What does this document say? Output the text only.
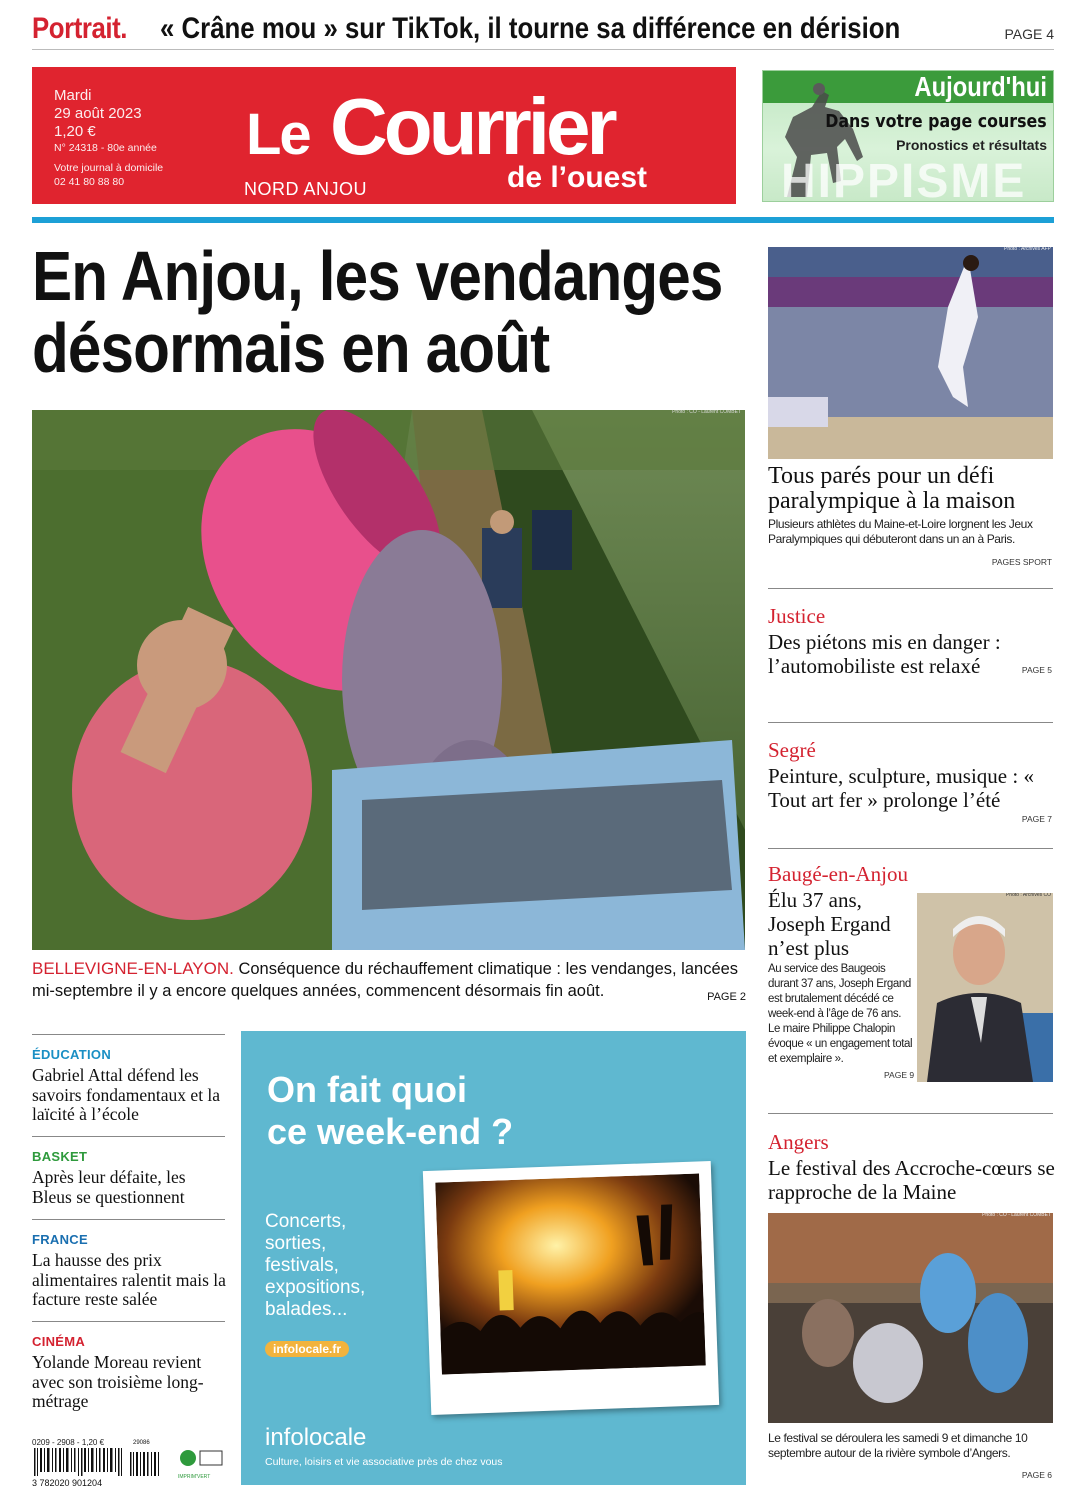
Portrait. « Crâne mou » sur TikTok, il tourne sa différence en dérision	PAGE 4
Mardi
29 août 2023
1,20 €

N° 24318 - 80e année
Votre journal à domicile
02 41 80 88 80
Le Courrier
de l’ouest
NORD ANJOU
Aujourd'hui
Dans votre page courses
Pronostics et résultats
HIPPISME
En Anjou, les vendanges
désormais en août
Photo : CO - Laurent COMBET
BELLEVIGNE-EN-LAYON. Conséquence du réchauffement climatique : les vendanges, lancées mi-septembre il y a encore quelques années, commencent désormais fin août.	PAGE 2
Photo : Archives AFP
Tous parés pour un défi paralympique à la maison
Plusieurs athlètes du Maine-et-Loire lorgnent les Jeux Paralympiques qui débuteront dans un an à Paris.
PAGES SPORT
Justice
Des piétons mis en danger : l’automobiliste est relaxé	PAGE 5
Segré
Peinture, sculpture, musique : « Tout art fer » prolonge l’été
PAGE 7
Baugé-en-Anjou
Élu 37 ans, Joseph Ergand n’est plus
Au service des Baugeois durant 37 ans, Joseph Ergand est brutalement décédé ce week-end à l’âge de 76 ans. Le maire Philippe Chalopin évoque « un engagement total et exemplaire ».
PAGE 9
Photo : Archives CO
Angers
Le festival des Accroche-cœurs se rapproche de la Maine
Photo : CO - Laurent COMBET
Le festival se déroulera les samedi 9 et dimanche 10 septembre autour de la rivière symbole d’Angers.
PAGE 6
ÉDUCATION
Gabriel Attal défend les savoirs fondamentaux et la laïcité à l’école
BASKET
Après leur défaite, les Bleus se questionnent
FRANCE
La hausse des prix alimentaires ralentit mais la facture reste salée
CINÉMA
Yolande Moreau revient avec son troisième long-métrage
0209 - 2908 - 1,20 €
3 782020 901204
29086
IMPRIM'VERT
On fait quoi
ce week-end ?
Concerts,
sorties,
festivals,
expositions,
balades...
infolocale.fr
infolocale
Culture, loisirs et vie associative près de chez vous
